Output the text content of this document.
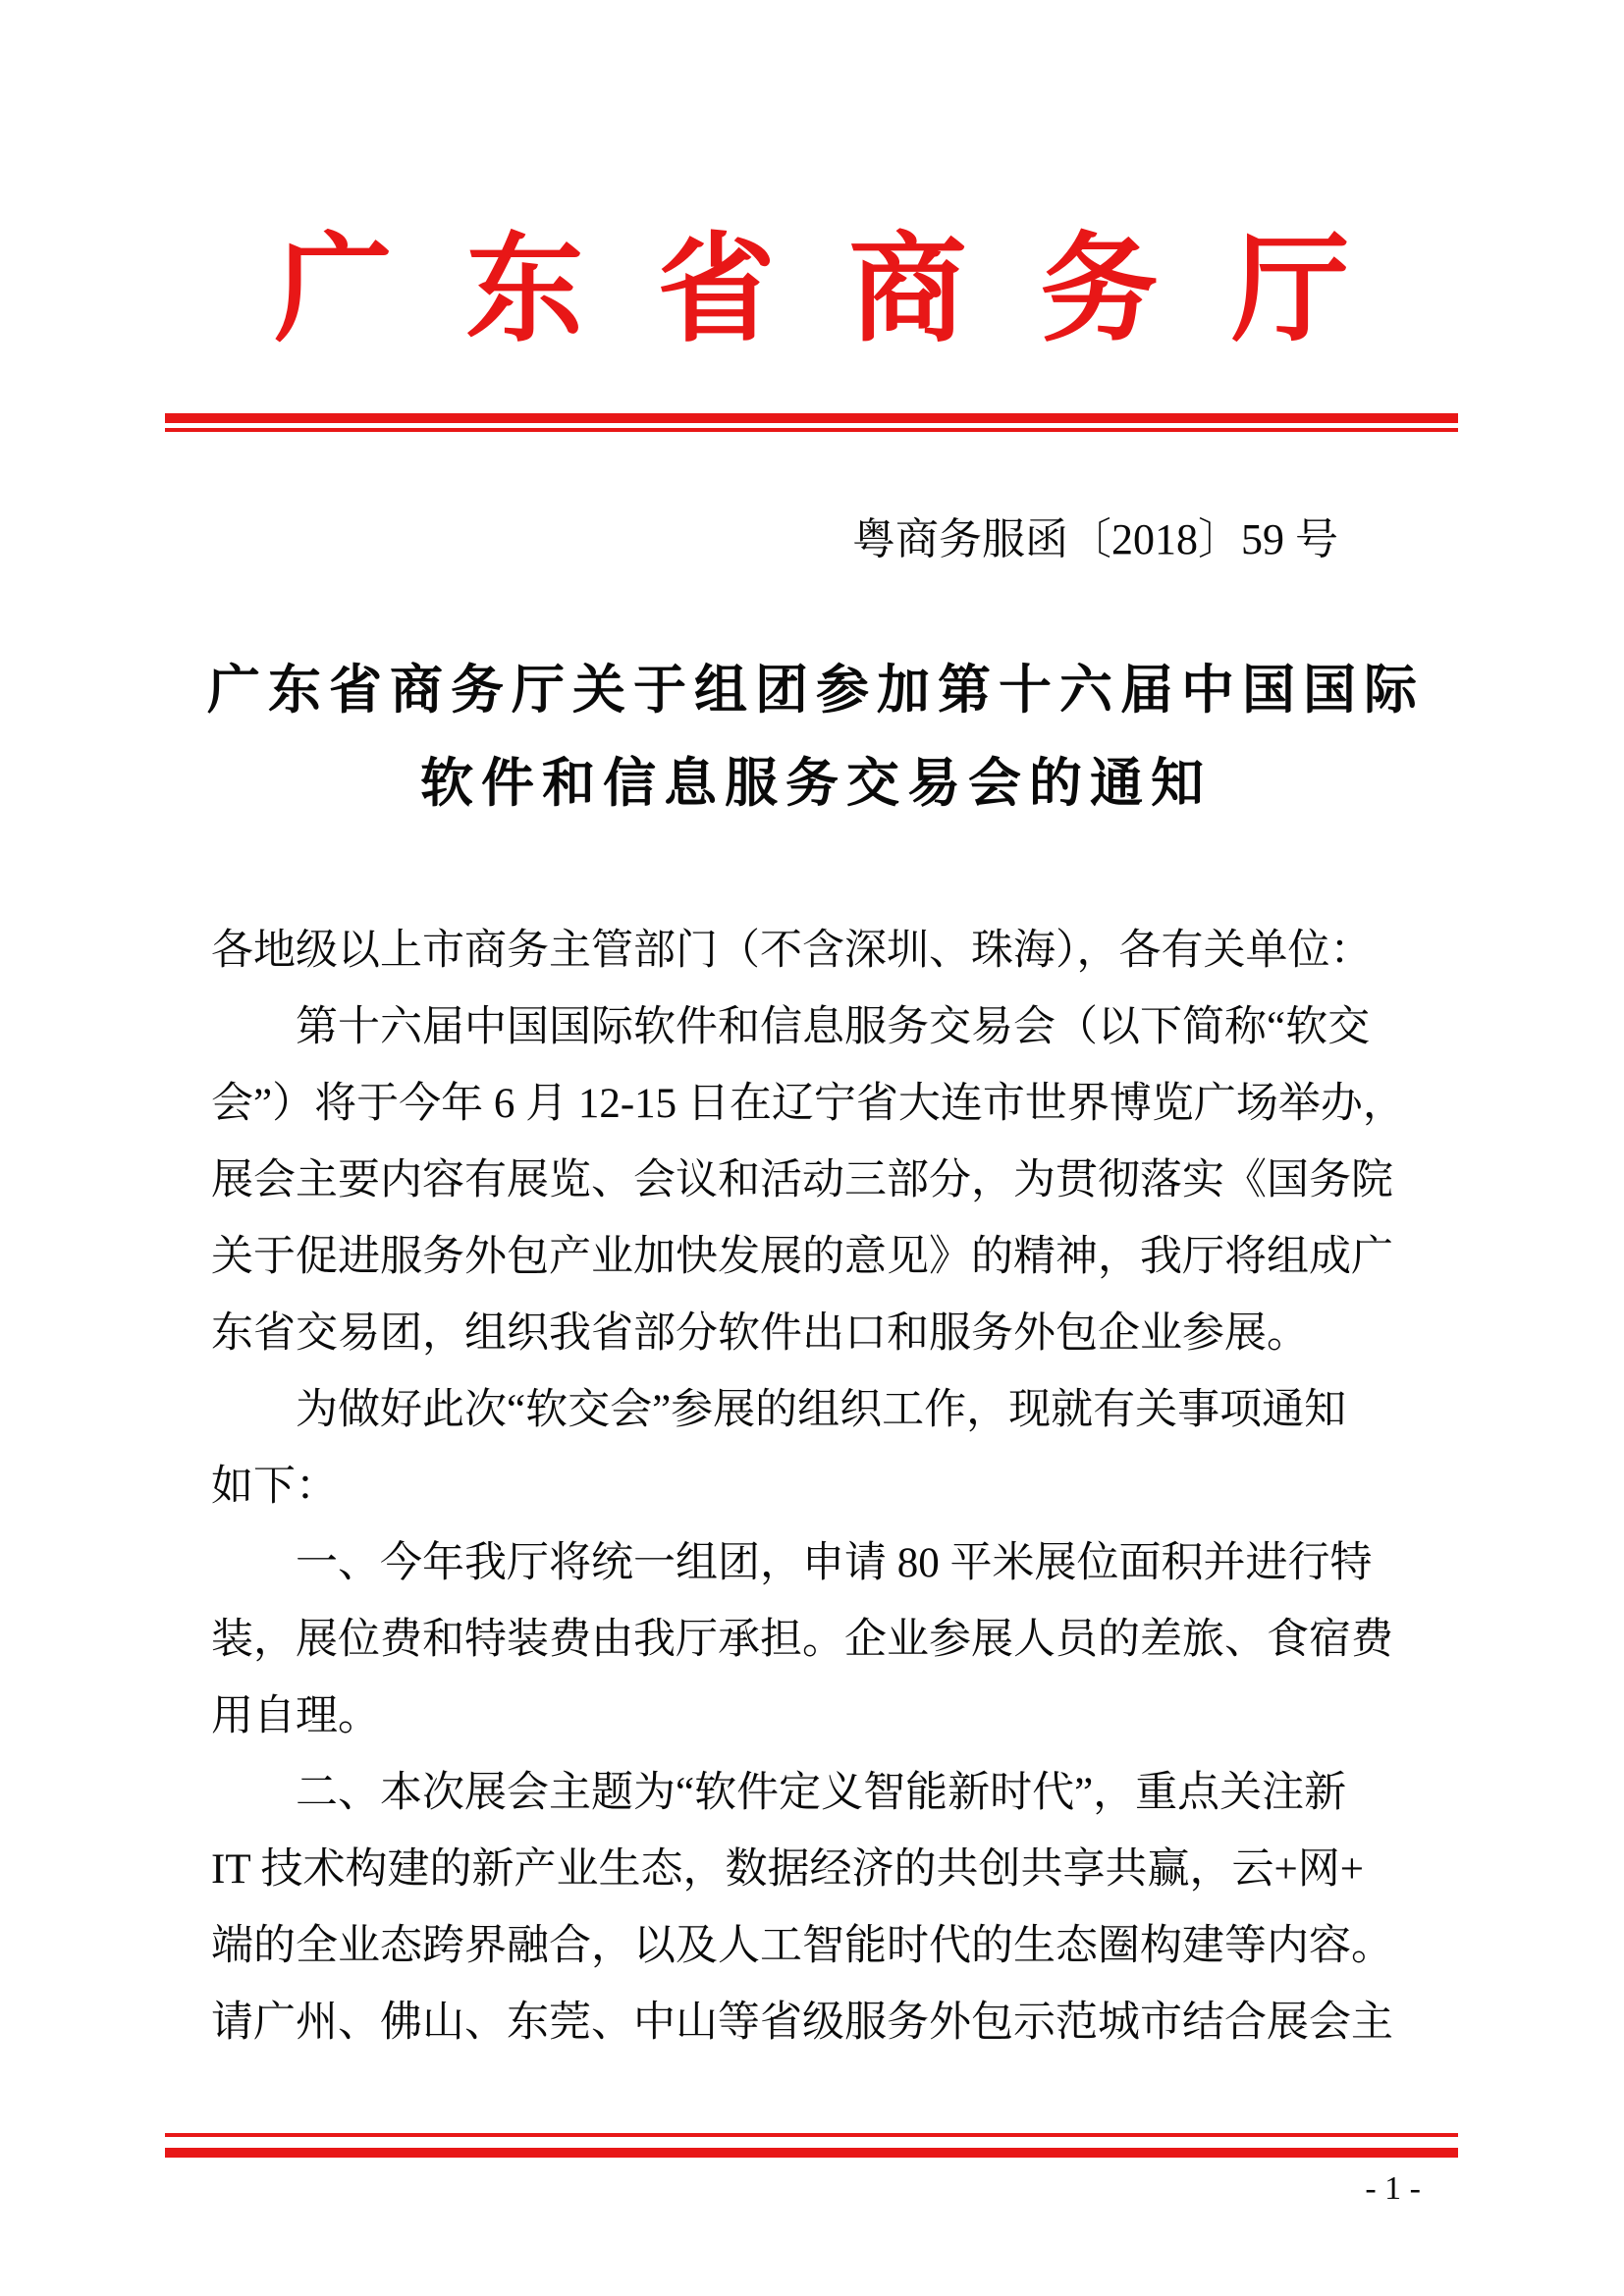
广东省商务厅
粤商务服函〔2018〕59 号
广东省商务厅关于组团参加第十六届中国国际
软件和信息服务交易会的通知
各地级以上市商务主管部门（不含深圳、珠海），各有关单位：
　　第十六届中国国际软件和信息服务交易会（以下简称“软交
会”）将于今年 6 月 12-15 日在辽宁省大连市世界博览广场举办，
展会主要内容有展览、会议和活动三部分，为贯彻落实《国务院
关于促进服务外包产业加快发展的意见》的精神，我厅将组成广
东省交易团，组织我省部分软件出口和服务外包企业参展。
　　为做好此次“软交会”参展的组织工作，现就有关事项通知
如下：
　　一、今年我厅将统一组团，申请 80 平米展位面积并进行特
装，展位费和特装费由我厅承担。企业参展人员的差旅、食宿费
用自理。
　　二、本次展会主题为“软件定义智能新时代”，重点关注新
IT 技术构建的新产业生态，数据经济的共创共享共赢，云+网+
端的全业态跨界融合，以及人工智能时代的生态圈构建等内容。
请广州、佛山、东莞、中山等省级服务外包示范城市结合展会主
- 1 -
